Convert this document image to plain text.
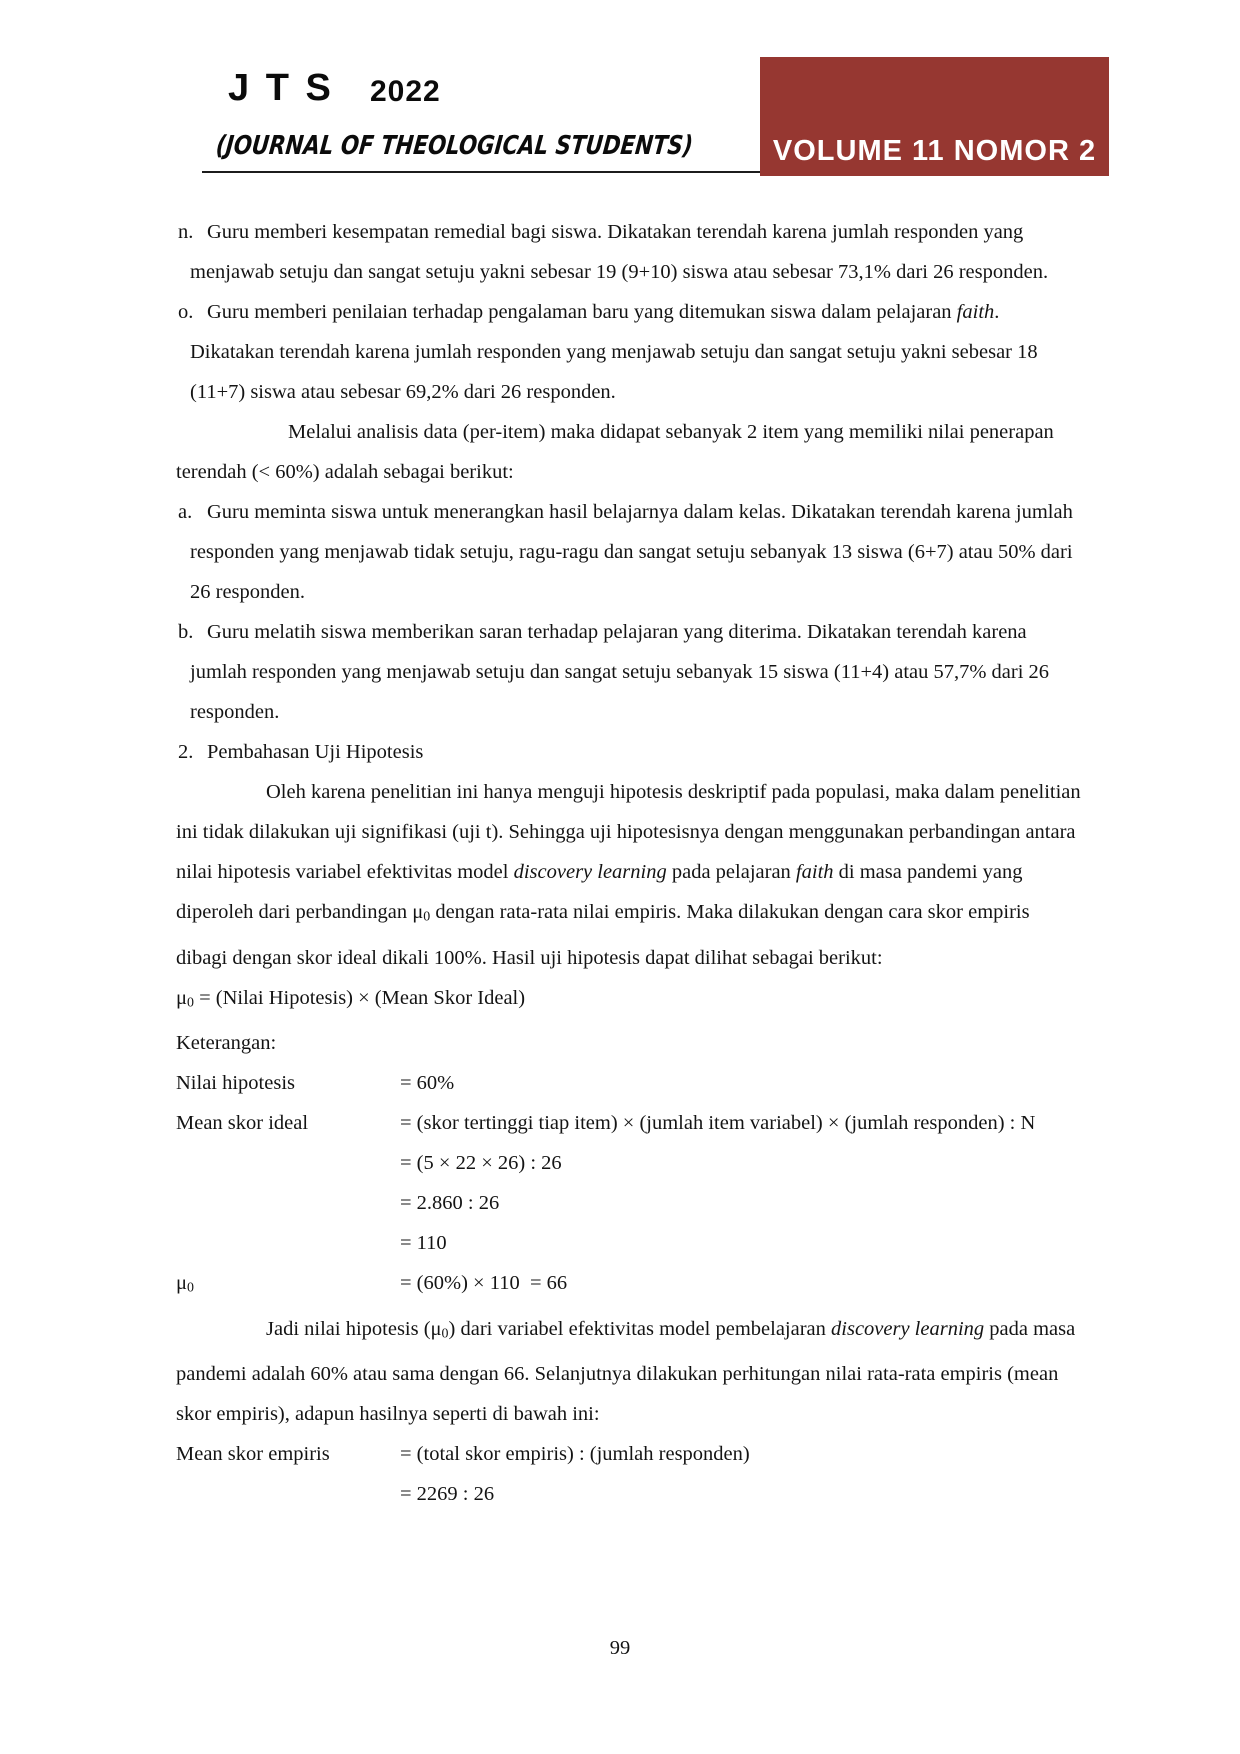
J T S 2022
(JOURNAL OF THEOLOGICAL STUDENTS)	VOLUME 11 NOMOR 2

n. Guru memberi kesempatan remedial bagi siswa. Dikatakan terendah karena jumlah responden yang menjawab setuju dan sangat setuju yakni sebesar 19 (9+10) siswa atau sebesar 73,1% dari 26 responden.

o. Guru memberi penilaian terhadap pengalaman baru yang ditemukan siswa dalam pelajaran faith. Dikatakan terendah karena jumlah responden yang menjawab setuju dan sangat setuju yakni sebesar 18 (11+7) siswa atau sebesar 69,2% dari 26 responden.

Melalui analisis data (per-item) maka didapat sebanyak 2 item yang memiliki nilai penerapan terendah (< 60%) adalah sebagai berikut:

a. Guru meminta siswa untuk menerangkan hasil belajarnya dalam kelas. Dikatakan terendah karena jumlah responden yang menjawab tidak setuju, ragu-ragu dan sangat setuju sebanyak 13 siswa (6+7) atau 50% dari 26 responden.

b. Guru melatih siswa memberikan saran terhadap pelajaran yang diterima. Dikatakan terendah karena jumlah responden yang menjawab setuju dan sangat setuju sebanyak 15 siswa (11+4) atau 57,7% dari 26 responden.

2. Pembahasan Uji Hipotesis

Oleh karena penelitian ini hanya menguji hipotesis deskriptif pada populasi, maka dalam penelitian ini tidak dilakukan uji signifikasi (uji t). Sehingga uji hipotesisnya dengan menggunakan perbandingan antara nilai hipotesis variabel efektivitas model discovery learning pada pelajaran faith di masa pandemi yang diperoleh dari perbandingan μ0 dengan rata-rata nilai empiris. Maka dilakukan dengan cara skor empiris dibagi dengan skor ideal dikali 100%. Hasil uji hipotesis dapat dilihat sebagai berikut:

μ0 = (Nilai Hipotesis) × (Mean Skor Ideal)

Keterangan:

Nilai hipotesis	= 60%
Mean skor ideal	= (skor tertinggi tiap item) × (jumlah item variabel) × (jumlah responden) : N
= (5 × 22 × 26) : 26
= 2.860 : 26
= 110
μ0	= (60%) × 110  = 66

Jadi nilai hipotesis (μ0) dari variabel efektivitas model pembelajaran discovery learning pada masa pandemi adalah 60% atau sama dengan 66. Selanjutnya dilakukan perhitungan nilai rata-rata empiris (mean skor empiris), adapun hasilnya seperti di bawah ini:

Mean skor empiris	= (total skor empiris) : (jumlah responden)
= 2269 : 26
99
